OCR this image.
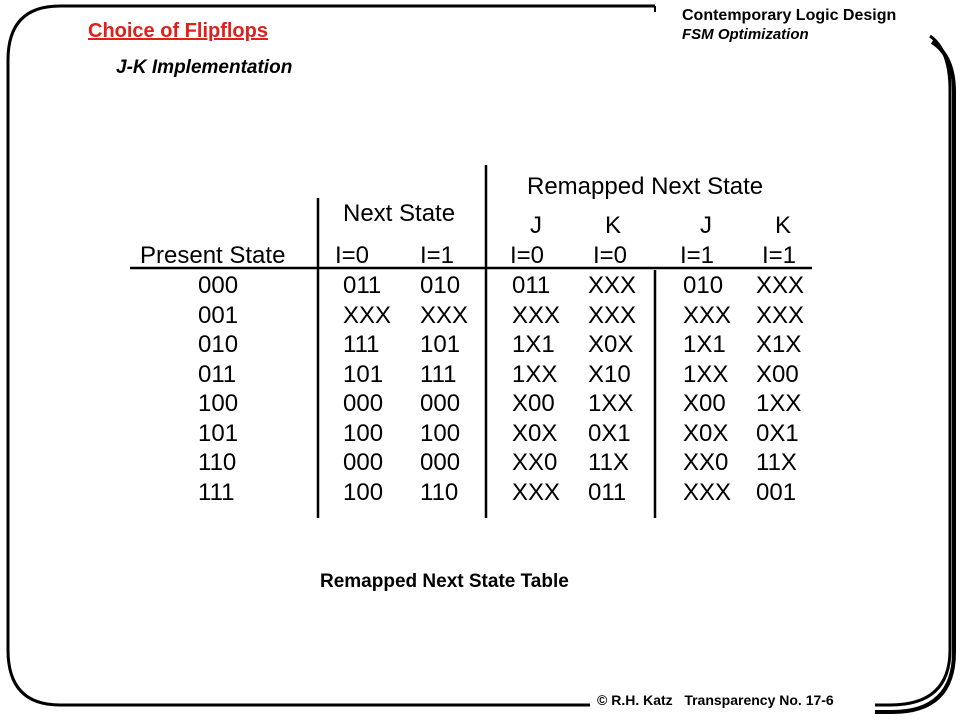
Choice of Flipflops
J-K Implementation
Contemporary Logic Design
FSM Optimization
Remapped Next State
Next State	J	K	J	K
Present State I=0 I=1 I=0 I=0 I=1 I=1
000	011 010 011 XXX 010 XXX
001	XXX XXX XXX XXX XXX XXX
010	111 101 1X1 X0X 1X1 X1X
011	101 111 1XX X10 1XX X00
100	000 000 X00 1XX X00 1XX
101	100 100 X0X 0X1 X0X 0X1
110	000 000 XX0 11X XX0 11X
111	100 110 XXX 011 XXX 001
Remapped Next State Table
© R.H. Katz   Transparency No. 17-6
